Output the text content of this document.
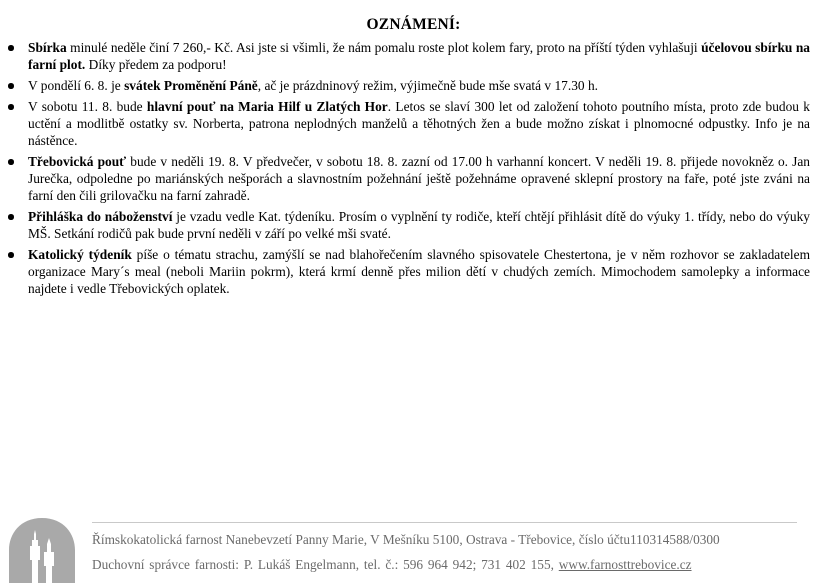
OZNÁMENÍ:
Sbírka minulé neděle činí 7 260,- Kč. Asi jste si všimli, že nám pomalu roste plot kolem fary, proto na příští týden vyhlašuji účelovou sbírku na farní plot. Díky předem za podporu!
V pondělí 6. 8. je svátek Proměnění Páně, ač je prázdninový režim, výjimečně bude mše svatá v 17.30 h.
V sobotu 11. 8. bude hlavní pouť na Maria Hilf u Zlatých Hor. Letos se slaví 300 let od založení tohoto poutního místa, proto zde budou k uctění a modlitbě ostatky sv. Norberta, patrona neplodných manželů a těhotných žen a bude možno získat i plnomocné odpustky. Info je na nástěnce.
Třebovická pouť bude v neděli 19. 8. V předvečer, v sobotu 18. 8. zazní od 17.00 h varhanní koncert. V neděli 19. 8. přijede novokněz o. Jan Jurečka, odpoledne po mariánských nešporách a slavnostním požehnání ještě požehnáme opravené sklepní prostory na faře, poté jste zváni na farní den čili grilovačku na farní zahradě.
Přihláška do náboženství je vzadu vedle Kat. týdeníku. Prosím o vyplnění ty rodiče, kteří chtějí přihlásit dítě do výuky 1. třídy, nebo do výuky MŠ. Setkání rodičů pak bude první neděli v září po velké mši svaté.
Katolický týdeník píše o tématu strachu, zamýšlí se nad blahořečením slavného spisovatele Chestertona, je v něm rozhovor se zakladatelem organizace Mary´s meal (neboli Mariin pokrm), která krmí denně přes milion dětí v chudých zemích. Mimochodem samolepky a informace najdete i vedle Třebovických oplatek.
Římskokatolická farnost Nanebevzetí Panny Marie, V Mešníku 5100, Ostrava - Třebovice, číslo účtu110314588/0300
Duchovní správce farnosti: P. Lukáš Engelmann, tel. č.: 596 964 942; 731 402 155, www.farnosttrebovice.cz
